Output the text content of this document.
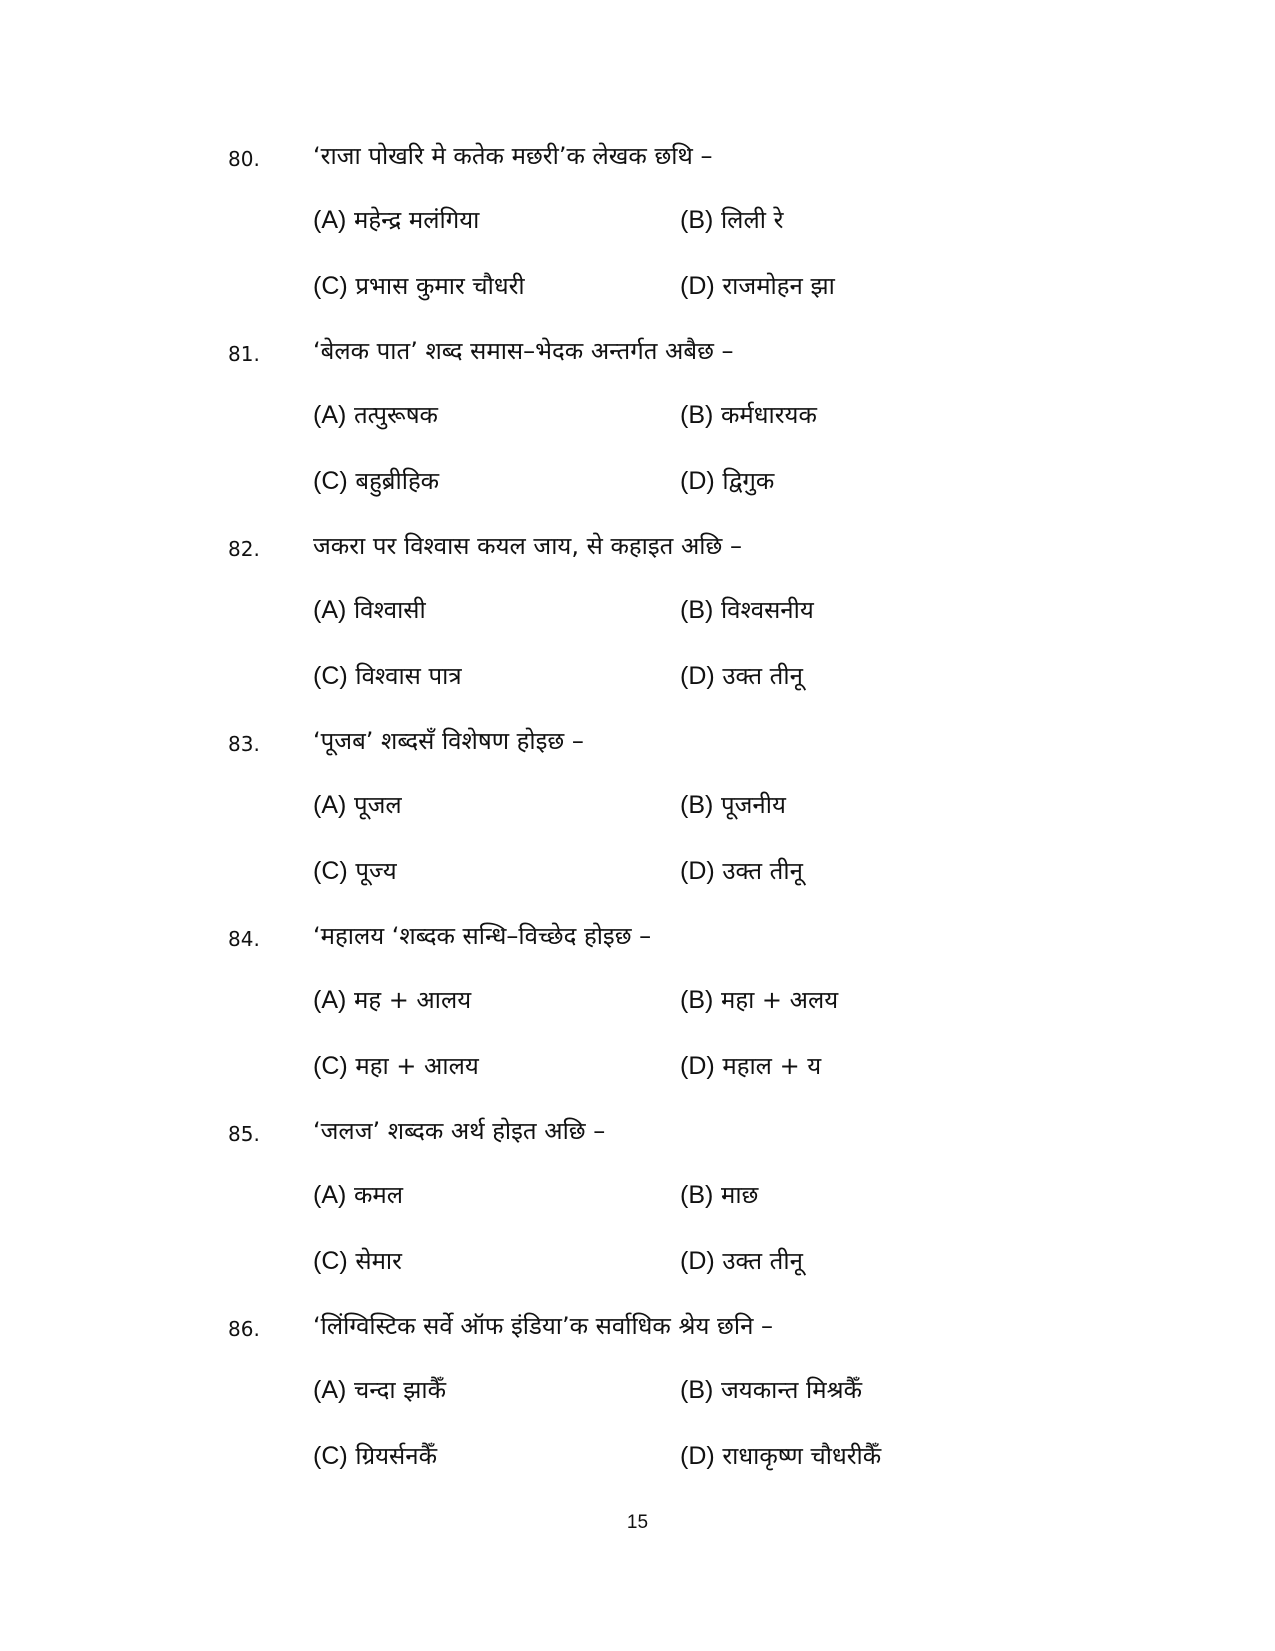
80. ‘राजा पोखरि मे कतेक मछरी’क लेखक छथि –
(A) महेन्द्र मलंगिया	(B) लिली रे
(C) प्रभास कुमार चौधरी	(D) राजमोहन झा
81. ‘बेलक पात’ शब्द समास–भेदक अन्तर्गत अबैछ –
(A) तत्पुरूषक	(B) कर्मधारयक
(C) बहुब्रीहिक	(D) द्विगुक
82. जकरा पर विश्वास कयल जाय, से कहाइत अछि –
(A) विश्वासी	(B) विश्वसनीय
(C) विश्वास पात्र	(D) उक्त तीनू
83. ‘पूजब’ शब्दसँ विशेषण होइछ –
(A) पूजल	(B) पूजनीय
(C) पूज्य	(D) उक्त तीनू
84. ‘महालय ‘शब्दक सन्धि–विच्छेद होइछ –
(A) मह + आलय	(B) महा + अलय
(C) महा + आलय	(D) महाल + य
85. ‘जलज’ शब्दक अर्थ होइत अछि –
(A) कमल	(B) माछ
(C) सेमार	(D) उक्त तीनू
86. ‘लिंग्विस्टिक सर्वे ऑफ इंडिया’क सर्वाधिक श्रेय छनि –
(A) चन्दा झाकैँ	(B) जयकान्त मिश्रकैँ
(C) ग्रियर्सनकैँ	(D) राधाकृष्ण चौधरीकैँ
15
